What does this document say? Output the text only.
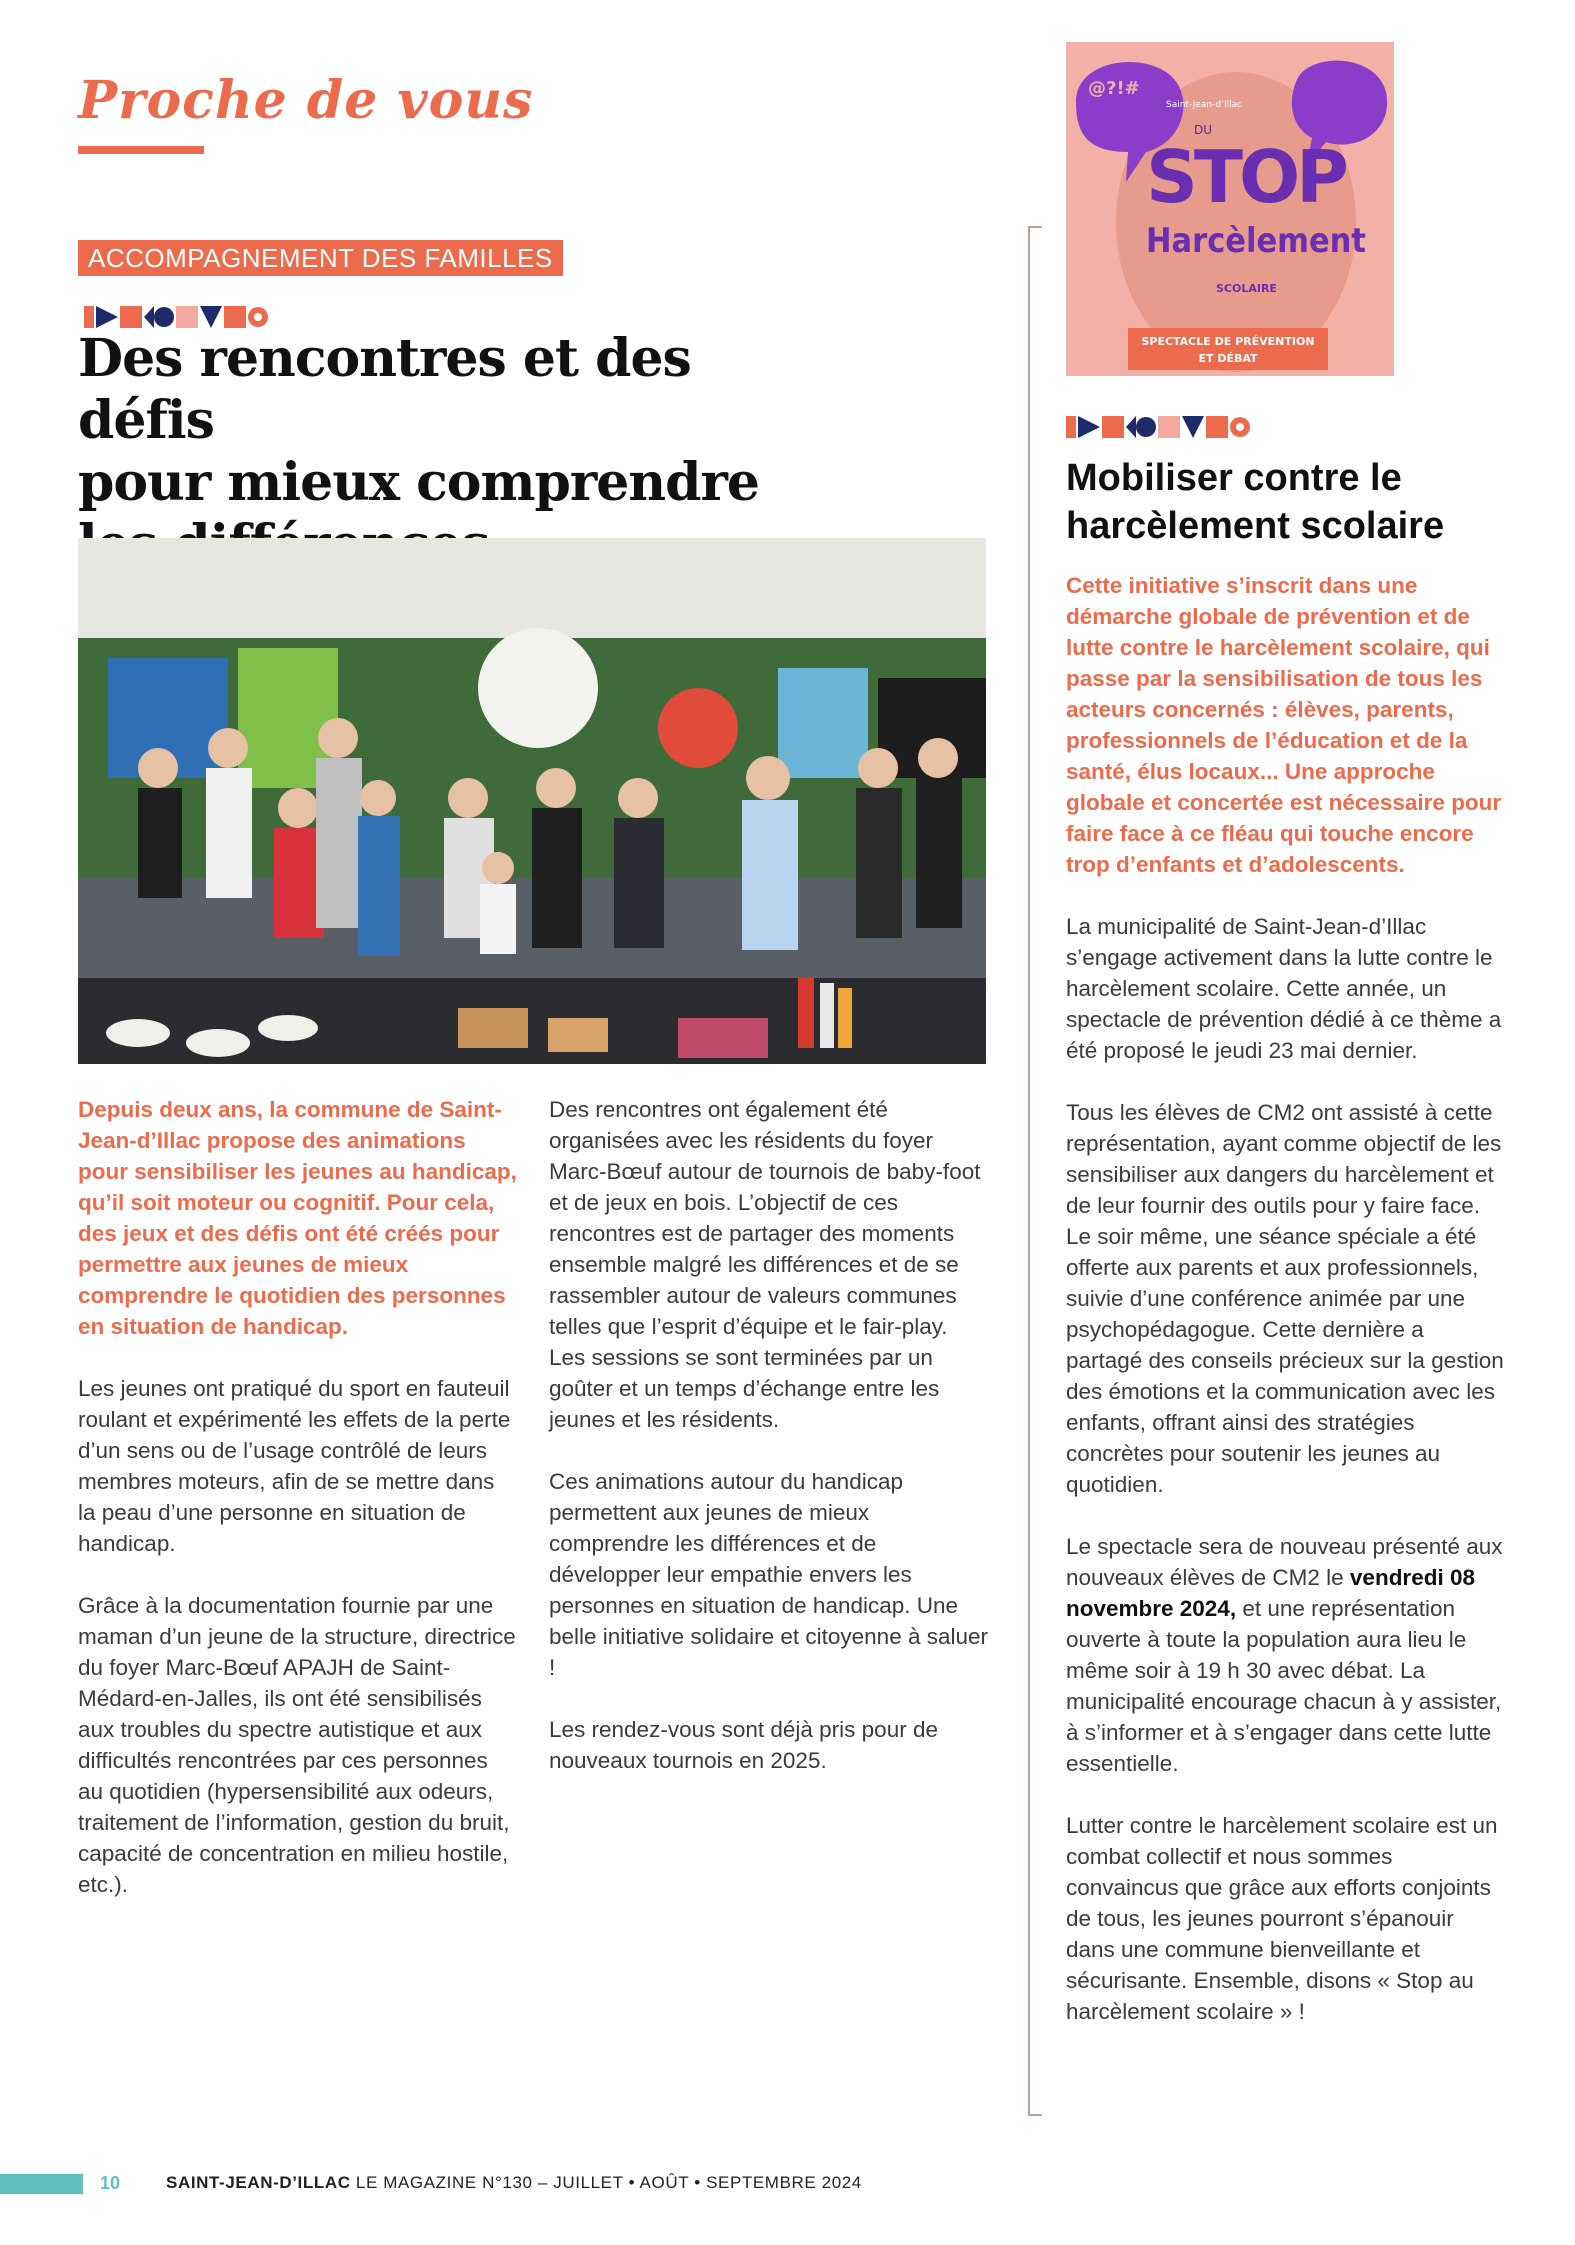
Proche de vous
ACCOMPAGNEMENT DES FAMILLES
Des rencontres et des défis
pour mieux comprendre

Depuis deux ans, la commune de Saint-Jean-d’Illac propose des animations pour sensibiliser les jeunes au handicap, qu’il soit moteur ou cognitif. Pour cela, des jeux et des défis ont été créés pour permettre aux jeunes de mieux comprendre le quotidien des personnes en situation de handicap.

Les jeunes ont pratiqué du sport en fauteuil roulant et expérimenté les effets de la perte d’un sens ou de l’usage contrôlé de leurs membres moteurs, afin de se mettre dans la peau d’une personne en situation de handicap.

Grâce à la documentation fournie par une maman d’un jeune de la structure, directrice du foyer Marc-Bœuf APAJH de Saint-Médard-en-Jalles, ils ont été sensibilisés aux troubles du spectre autistique et aux difficultés rencontrées par ces personnes au quotidien (hypersensibilité aux odeurs, traitement de l’information, gestion du bruit, capacité de concentration en milieu hostile, etc.).

Des rencontres ont également été organisées avec les résidents du foyer Marc-Bœuf autour de tournois de baby-foot et de jeux en bois. L’objectif de ces rencontres est de partager des moments ensemble malgré les différences et de se rassembler autour de valeurs communes telles que l’esprit d’équipe et le fair-play. Les sessions se sont terminées par un goûter et un temps d’échange entre les jeunes et les résidents.

Ces animations autour du handicap permettent aux jeunes de mieux comprendre les différences et de développer leur empathie envers les personnes en situation de handicap. Une belle initiative solidaire et citoyenne à saluer !

Les rendez-vous sont déjà pris pour de nouveaux tournois en 2025.

@?!#
Saint-Jean-d’Illac
DU
STOP
Harcèlement
SCOLAIRE
SPECTACLE DE PRÉVENTION
ET DÉBAT
Mobiliser contre le
harcèlement scolaire

Cette initiative s’inscrit dans une démarche globale de prévention et de lutte contre le harcèlement scolaire, qui passe par la sensibilisation de tous les acteurs concernés : élèves, parents, professionnels de l’éducation et de la santé, élus locaux... Une approche globale et concertée est nécessaire pour faire face à ce fléau qui touche encore trop d’enfants et d’adolescents.

La municipalité de Saint-Jean-d’Illac s’engage activement dans la lutte contre le harcèlement scolaire. Cette année, un spectacle de prévention dédié à ce thème a été proposé le jeudi 23 mai dernier.

Tous les élèves de CM2 ont assisté à cette représentation, ayant comme objectif de les sensibiliser aux dangers du harcèlement et de leur fournir des outils pour y faire face. Le soir même, une séance spéciale a été offerte aux parents et aux professionnels, suivie d’une conférence animée par une psychopédagogue. Cette dernière a partagé des conseils précieux sur la gestion des émotions et la communication avec les enfants, offrant ainsi des stratégies concrètes pour soutenir les jeunes au quotidien.

Le spectacle sera de nouveau présenté aux nouveaux élèves de CM2 le vendredi 08 novembre 2024, et une représentation ouverte à toute la population aura lieu le même soir à 19 h 30 avec débat. La municipalité encourage chacun à y assister, à s’informer et à s’engager dans cette lutte essentielle.

Lutter contre le harcèlement scolaire est un combat collectif et nous sommes convaincus que grâce aux efforts conjoints de tous, les jeunes pourront s’épanouir dans une commune bienveillante et sécurisante. Ensemble, disons « Stop au harcèlement scolaire » !

10	SAINT-JEAN-D’ILLAC LE MAGAZINE N°130 – JUILLET • AOÛT • SEPTEMBRE 2024
